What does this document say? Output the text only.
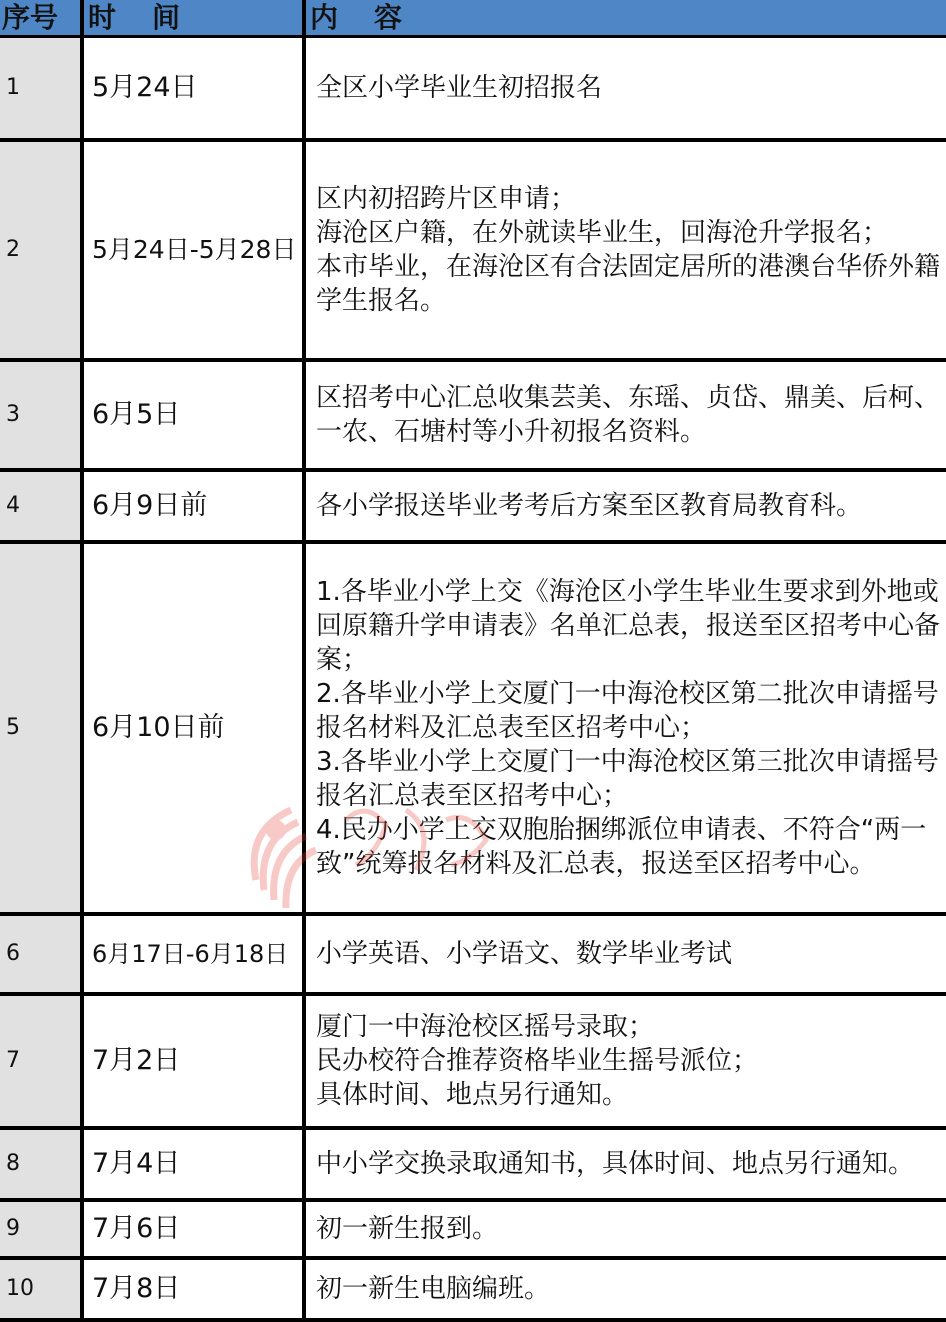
序号	时间	内容
1	5月24日	全区小学毕业生初招报名

2	5月24日-5月28日	区内初招跨片区申请；
海沧区户籍，在外就读毕业生，回海沧升学报名；
本市毕业，在海沧区有合法固定居所的港澳台华侨外籍学生报名。

3	6月5日	区招考中心汇总收集芸美、东瑶、贞岱、鼎美、后柯、一农、石塘村等小升初报名资料。

4	6月9日前	各小学报送毕业考考后方案至区教育局教育科。

5	6月10日前	1.各毕业小学上交《海沧区小学生毕业生要求到外地或回原籍升学申请表》名单汇总表，报送至区招考中心备案；
2.各毕业小学上交厦门一中海沧校区第二批次申请摇号报名材料及汇总表至区招考中心；
3.各毕业小学上交厦门一中海沧校区第三批次申请摇号报名汇总表至区招考中心；
4.民办小学上交双胞胎捆绑派位申请表、不符合“两一致”统筹报名材料及汇总表，报送至区招考中心。

6	6月17日-6月18日	小学英语、小学语文、数学毕业考试

7	7月2日	厦门一中海沧校区摇号录取；
民办校符合推荐资格毕业生摇号派位；
具体时间、地点另行通知。

8	7月4日	中小学交换录取通知书，具体时间、地点另行通知。

9	7月6日	初一新生报到。

10	7月8日	初一新生电脑编班。
